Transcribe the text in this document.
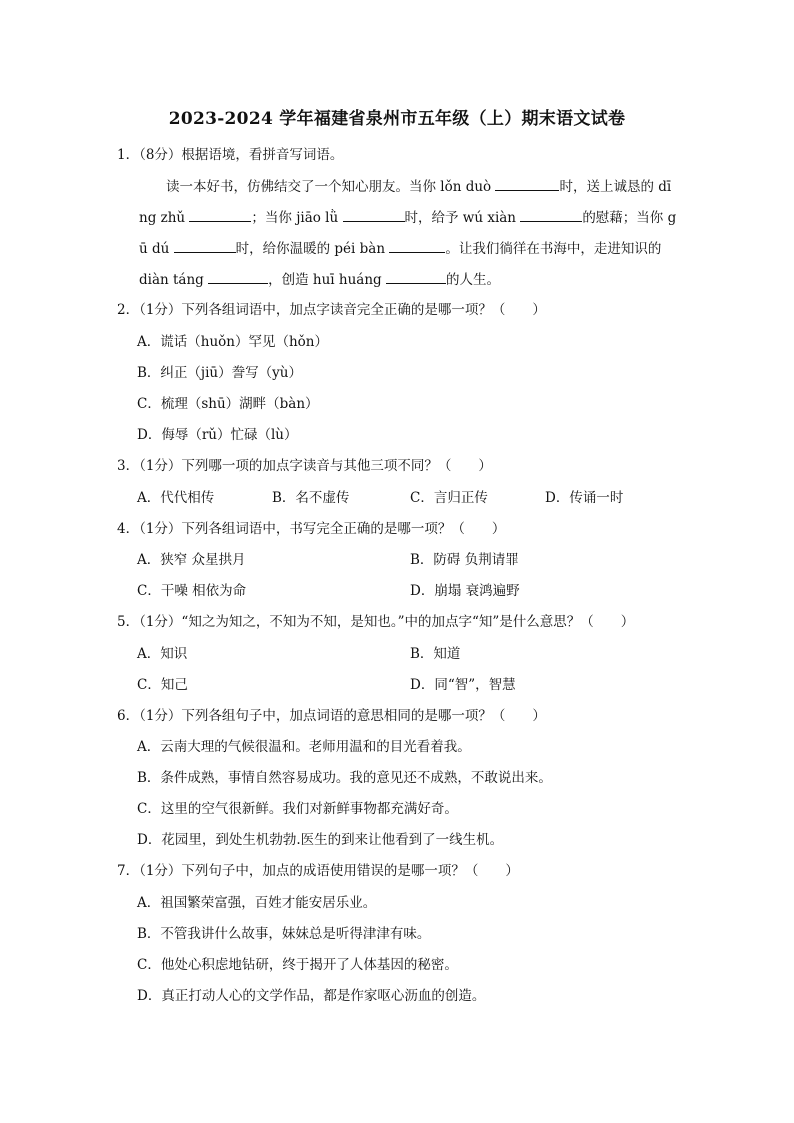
2023-2024 学年福建省泉州市五年级（上）期末语文试卷
1．（8分）根据语境，看拼音写词语。
读一本好书，仿佛结交了一个知心朋友。当你 lǒn duò	时，送上诚恳的 dī
ng zhǔ	；当你 jiāo lǜ	时，给予 wú xiàn	的慰藉；当你 g
ū dú	时，给你温暖的 péi bàn	。让我们徜徉在书海中，走进知识的
diàn táng	，创造 huī huáng	的人生。
2．（1分）下列各组词语中，加点字读音完全正确的是哪一项？（　　）
A．谎话（huǒn）罕见（hǒn）
B．纠正（jiū）誊写（yù）
C．梳理（shū）湖畔（bàn）
D．侮辱（rǔ）忙碌（lù）
3．（1分）下列哪一项的加点字读音与其他三项不同？（　　）
A．代代相传	B．名不虚传	C．言归正传	D．传诵一时
4．（1分）下列各组词语中，书写完全正确的是哪一项？（　　）
A．狭窄 众星拱月	B．防碍 负荆请罪
C．干噪 相依为命	D．崩塌 衰鸿遍野
5．（1分）“知之为知之，不知为不知，是知也。”中的加点字“知”是什么意思？（　　）
A．知识	B．知道
C．知己	D．同“智”，智慧
6．（1分）下列各组句子中，加点词语的意思相同的是哪一项？（　　）
A．云南大理的气候很温和。老师用温和的目光看着我。
B．条件成熟，事情自然容易成功。我的意见还不成熟，不敢说出来。
C．这里的空气很新鲜。我们对新鲜事物都充满好奇。
D．花园里，到处生机勃勃.医生的到来让他看到了一线生机。
7．（1分）下列句子中，加点的成语使用错误的是哪一项？（　　）
A．祖国繁荣富强，百姓才能安居乐业。
B．不管我讲什么故事，妹妹总是听得津津有味。
C．他处心积虑地钻研，终于揭开了人体基因的秘密。
D．真正打动人心的文学作品，都是作家呕心沥血的创造。
